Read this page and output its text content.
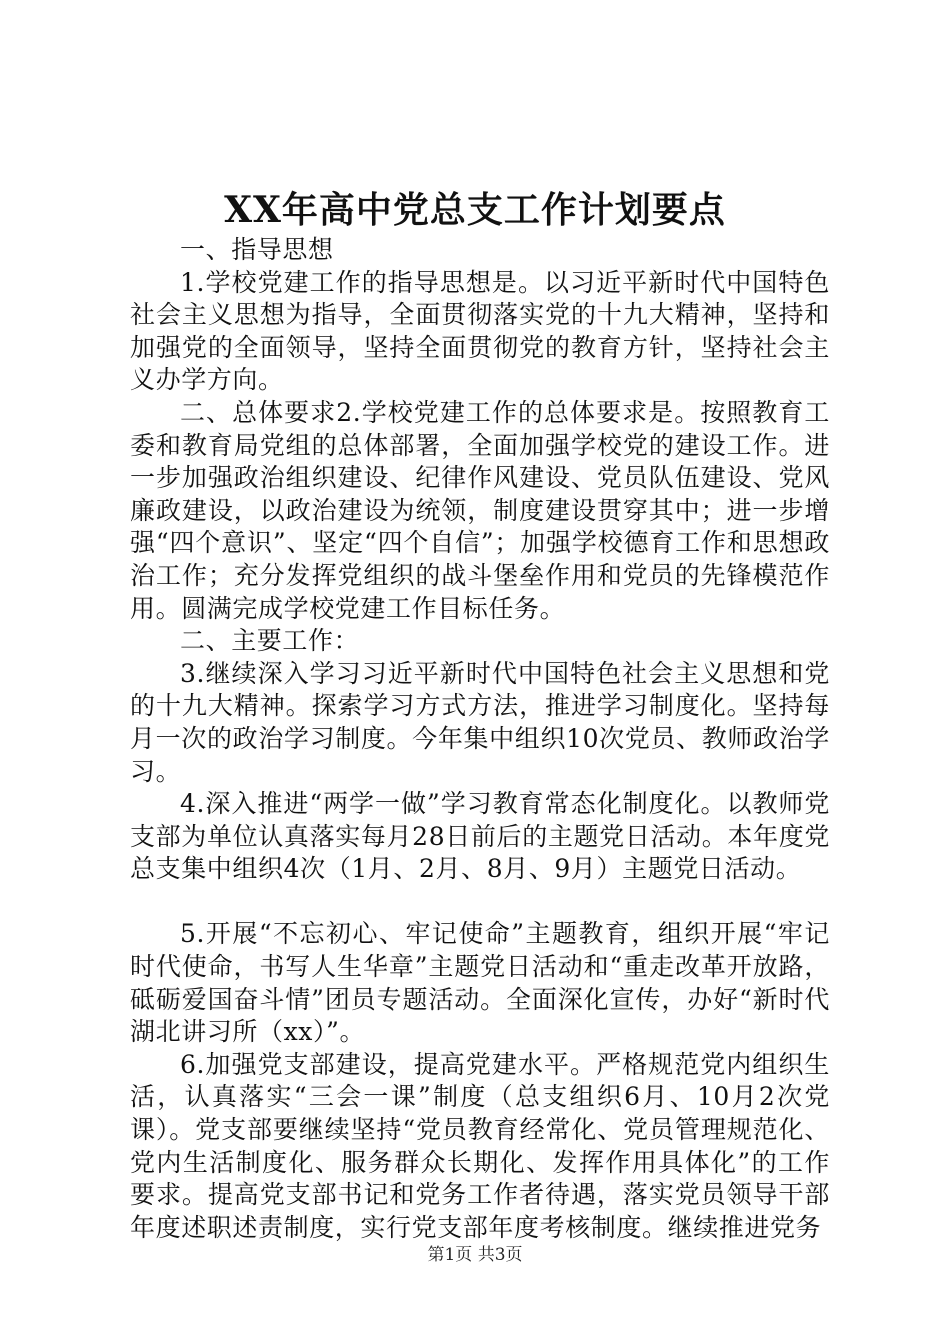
XX年高中党总支工作计划要点

一、指导思想

1.学校党建工作的指导思想是。以习近平新时代中国特色社会主义思想为指导，全面贯彻落实党的十九大精神，坚持和加强党的全面领导，坚持全面贯彻党的教育方针，坚持社会主义办学方向。

二、总体要求2.学校党建工作的总体要求是。按照教育工委和教育局党组的总体部署，全面加强学校党的建设工作。进一步加强政治组织建设、纪律作风建设、党员队伍建设、党风廉政建设，以政治建设为统领，制度建设贯穿其中；进一步增强“四个意识”、坚定“四个自信”；加强学校德育工作和思想政治工作；充分发挥党组织的战斗堡垒作用和党员的先锋模范作用。圆满完成学校党建工作目标任务。

二、主要工作：

3.继续深入学习习近平新时代中国特色社会主义思想和党的十九大精神。探索学习方式方法，推进学习制度化。坚持每月一次的政治学习制度。今年集中组织10次党员、教师政治学习。

4.深入推进“两学一做”学习教育常态化制度化。以教师党支部为单位认真落实每月28日前后的主题党日活动。本年度党总支集中组织4次（1月、2月、8月、9月）主题党日活动。

5.开展“不忘初心、牢记使命”主题教育，组织开展“牢记时代使命，书写人生华章”主题党日活动和“重走改革开放路，砥砺爱国奋斗情”团员专题活动。全面深化宣传，办好“新时代湖北讲习所（xx）”。

6.加强党支部建设，提高党建水平。严格规范党内组织生活，认真落实“三会一课”制度（总支组织6月、10月2次党课）。党支部要继续坚持“党员教育经常化、党员管理规范化、党内生活制度化、服务群众长期化、发挥作用具体化”的工作要求。提高党支部书记和党务工作者待遇，落实党员领导干部年度述职述责制度，实行党支部年度考核制度。继续推进党务

第1页 共3页
